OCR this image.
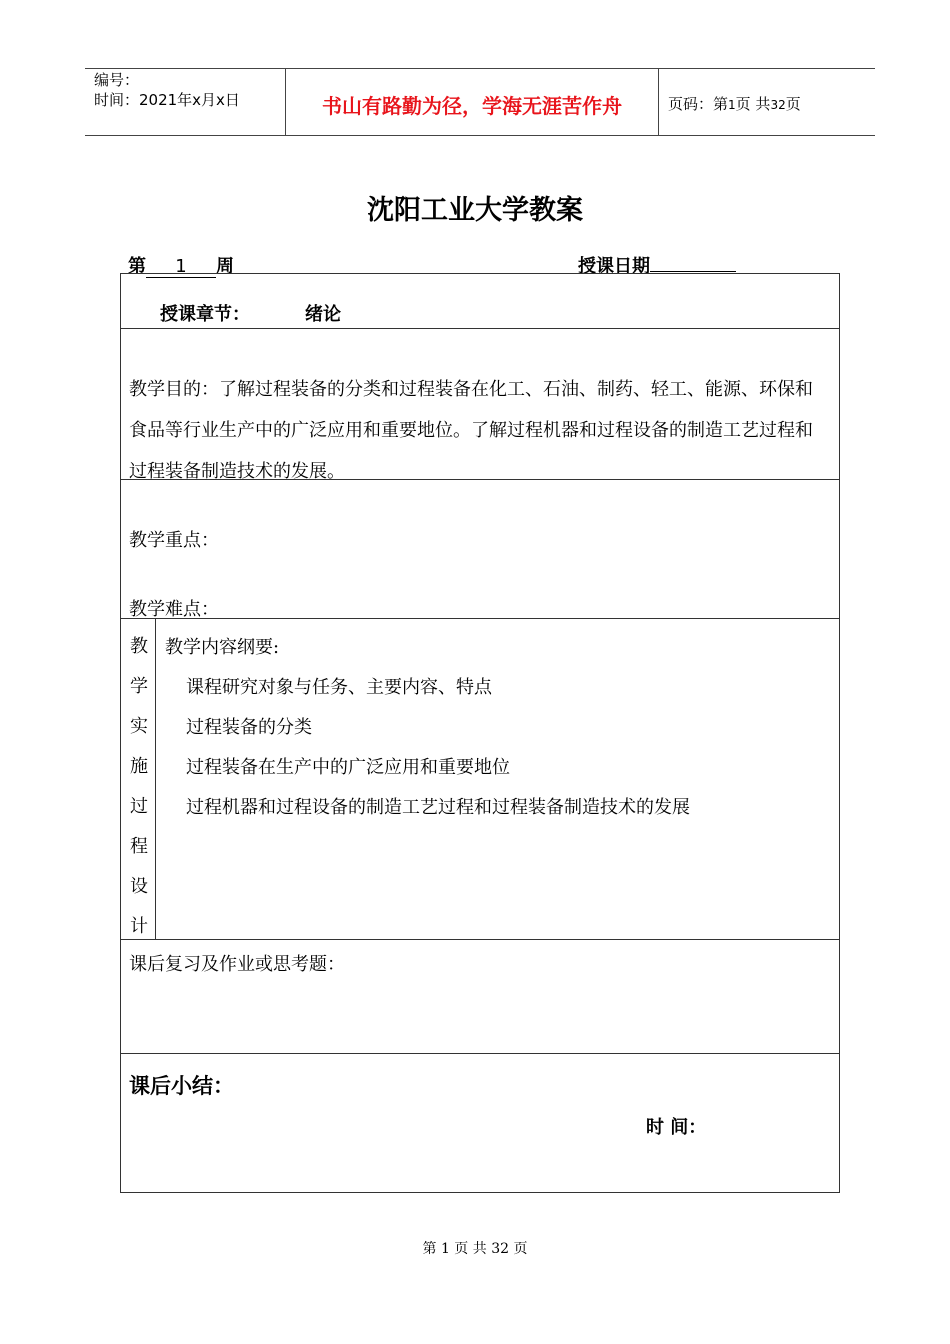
编号：
时间：2021年x月x日	书山有路勤为径，学海无涯苦作舟	页码：第1页 共32页
沈阳工业大学教案
第 1 周	授课日期
授课章节：	绪论
教学目的：了解过程装备的分类和过程装备在化工、石油、制药、轻工、能源、环保和食品等行业生产中的广泛应用和重要地位。了解过程机器和过程设备的制造工艺过程和过程装备制造技术的发展。
教学重点：
教学难点：
教
学
实
施
过
程
设
计
教学内容纲要:
课程研究对象与任务、主要内容、特点
过程装备的分类
过程装备在生产中的广泛应用和重要地位
过程机器和过程设备的制造工艺过程和过程装备制造技术的发展
课后复习及作业或思考题：
课后小结：
时 间：
第 1 页 共 32 页
